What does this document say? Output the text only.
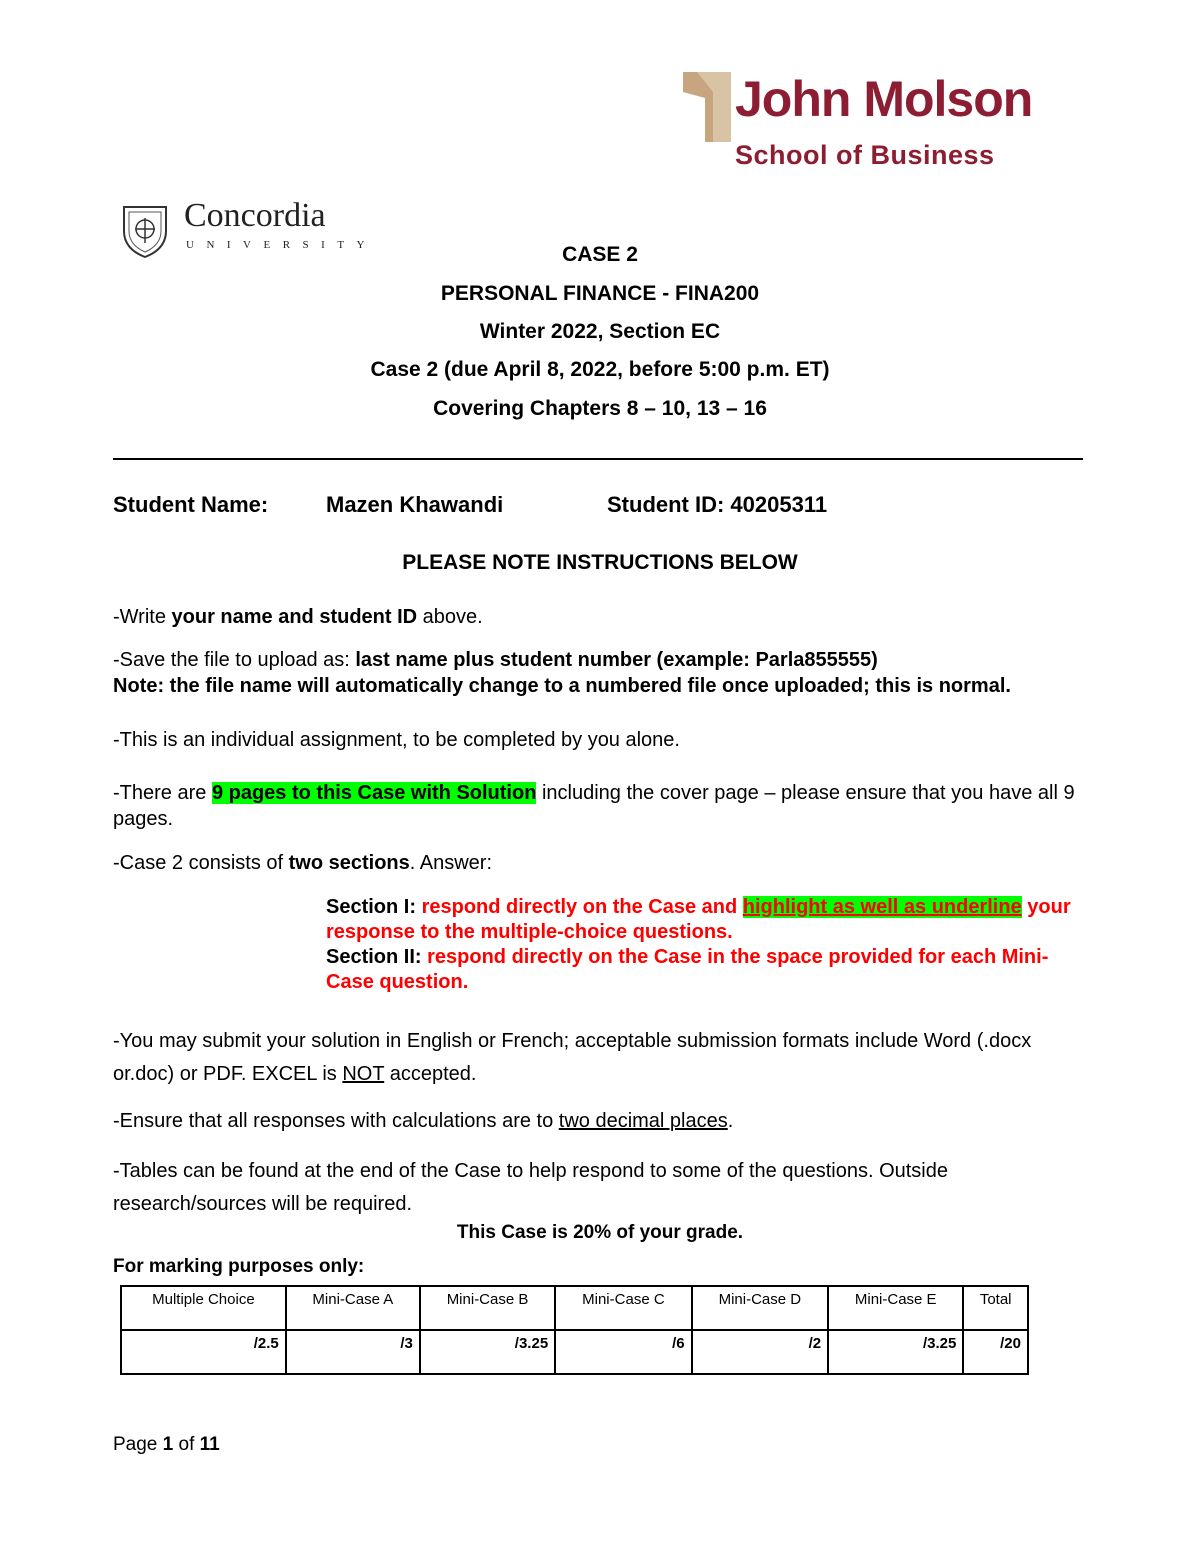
John Molson
School of Business
Concordia
UNIVERSITY	CASE 2
PERSONAL FINANCE - FINA200
Winter 2022, Section EC
Case 2 (due April 8, 2022, before 5:00 p.m. ET)
Covering Chapters 8 – 10, 13 – 16
Student Name:	Mazen Khawandi	Student ID: 40205311
PLEASE NOTE INSTRUCTIONS BELOW
-Write your name and student ID above.
-Save the file to upload as: last name plus student number (example: Parla855555)
Note: the file name will automatically change to a numbered file once uploaded; this is normal.
-This is an individual assignment, to be completed by you alone.
-There are 9 pages to this Case with Solution including the cover page – please ensure that you have all 9 pages.
-Case 2 consists of two sections. Answer:
Section I: respond directly on the Case and highlight as well as underline your response to the multiple-choice questions.
Section II: respond directly on the Case in the space provided for each Mini-Case question.
-You may submit your solution in English or French; acceptable submission formats include Word (.docx or.doc) or PDF. EXCEL is NOT accepted.
-Ensure that all responses with calculations are to two decimal places.
-Tables can be found at the end of the Case to help respond to some of the questions. Outside research/sources will be required.
This Case is 20% of your grade.
For marking purposes only:
Multiple Choice	Mini-Case A	Mini-Case B	Mini-Case C	Mini-Case D	Mini-Case E	Total
/2.5	/3	/3.25	/6	/2	/3.25	/20
Page 1 of 11
